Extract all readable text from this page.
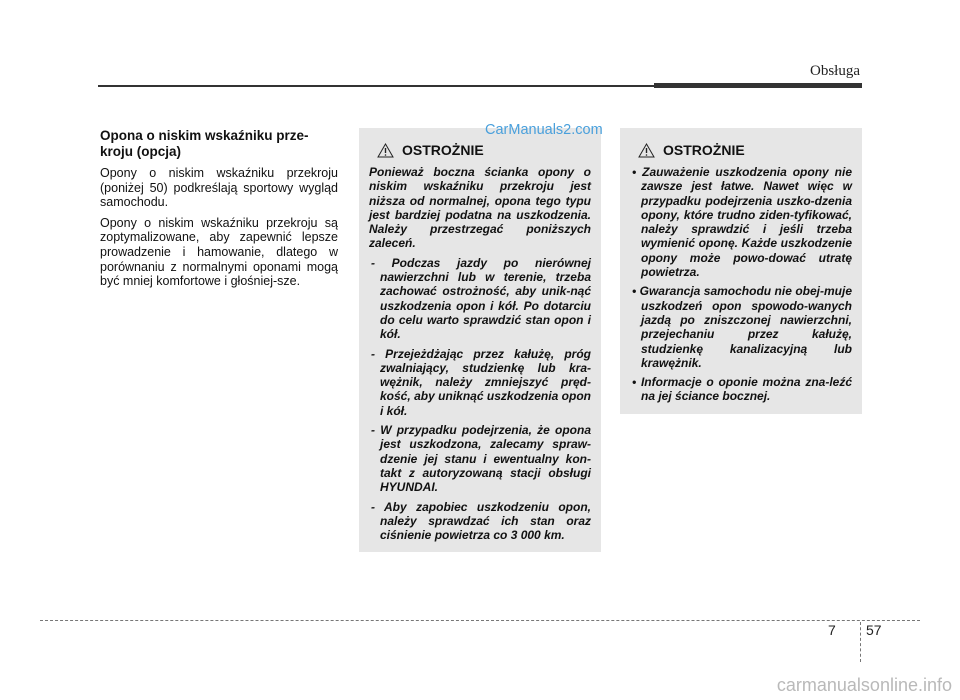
Obsługa
Opona o niskim wskaźniku prze-kroju (opcja)

Opony o niskim wskaźniku przekroju (poniżej 50) podkreślają sportowy wygląd samochodu.

Opony o niskim wskaźniku przekroju są zoptymalizowane, aby zapewnić lepsze prowadzenie i hamowanie, dlatego w porównaniu z normalnymi oponami mogą być mniej komfortowe i głośniej-sze.

OSTROŻNIE

Ponieważ boczna ścianka opony o niskim wskaźniku przekroju jest niższa od normalnej, opona tego typu jest bardziej podatna na uszkodzenia. Należy przestrzegać poniższych zaleceń.

- Podczas jazdy po nierównej nawierzchni lub w terenie, trzeba zachować ostrożność, aby unik-nąć uszkodzenia opon i kół. Po dotarciu do celu warto sprawdzić stan opon i kół.
- Przejeżdżając przez kałużę, próg zwalniający, studzienkę lub kra-wężnik, należy zmniejszyć pręd-kość, aby uniknąć uszkodzenia opon i kół.
- W przypadku podejrzenia, że opona jest uszkodzona, zalecamy spraw-dzenie jej stanu i ewentualny kon-takt z autoryzowaną stacji obsługi HYUNDAI.
- Aby zapobiec uszkodzeniu opon, należy sprawdzać ich stan oraz ciśnienie powietrza co 3 000 km.
OSTROŻNIE
• Zauważenie uszkodzenia opony nie zawsze jest łatwe. Nawet więc w przypadku podejrzenia uszko-dzenia opony, które trudno ziden-tyfikować, należy sprawdzić i jeśli trzeba wymienić oponę. Każde uszkodzenie opony może powo-dować utratę powietrza.
• Gwarancja samochodu nie obej-muje uszkodzeń opon spowodo-wanych jazdą po zniszczonej nawierzchni, przejechaniu przez kałużę, studzienkę kanalizacyjną lub krawężnik.
• Informacje o oponie można zna-leźć na jej ściance bocznej.
CarManuals2.com
7 57
carmanualsonline.info
